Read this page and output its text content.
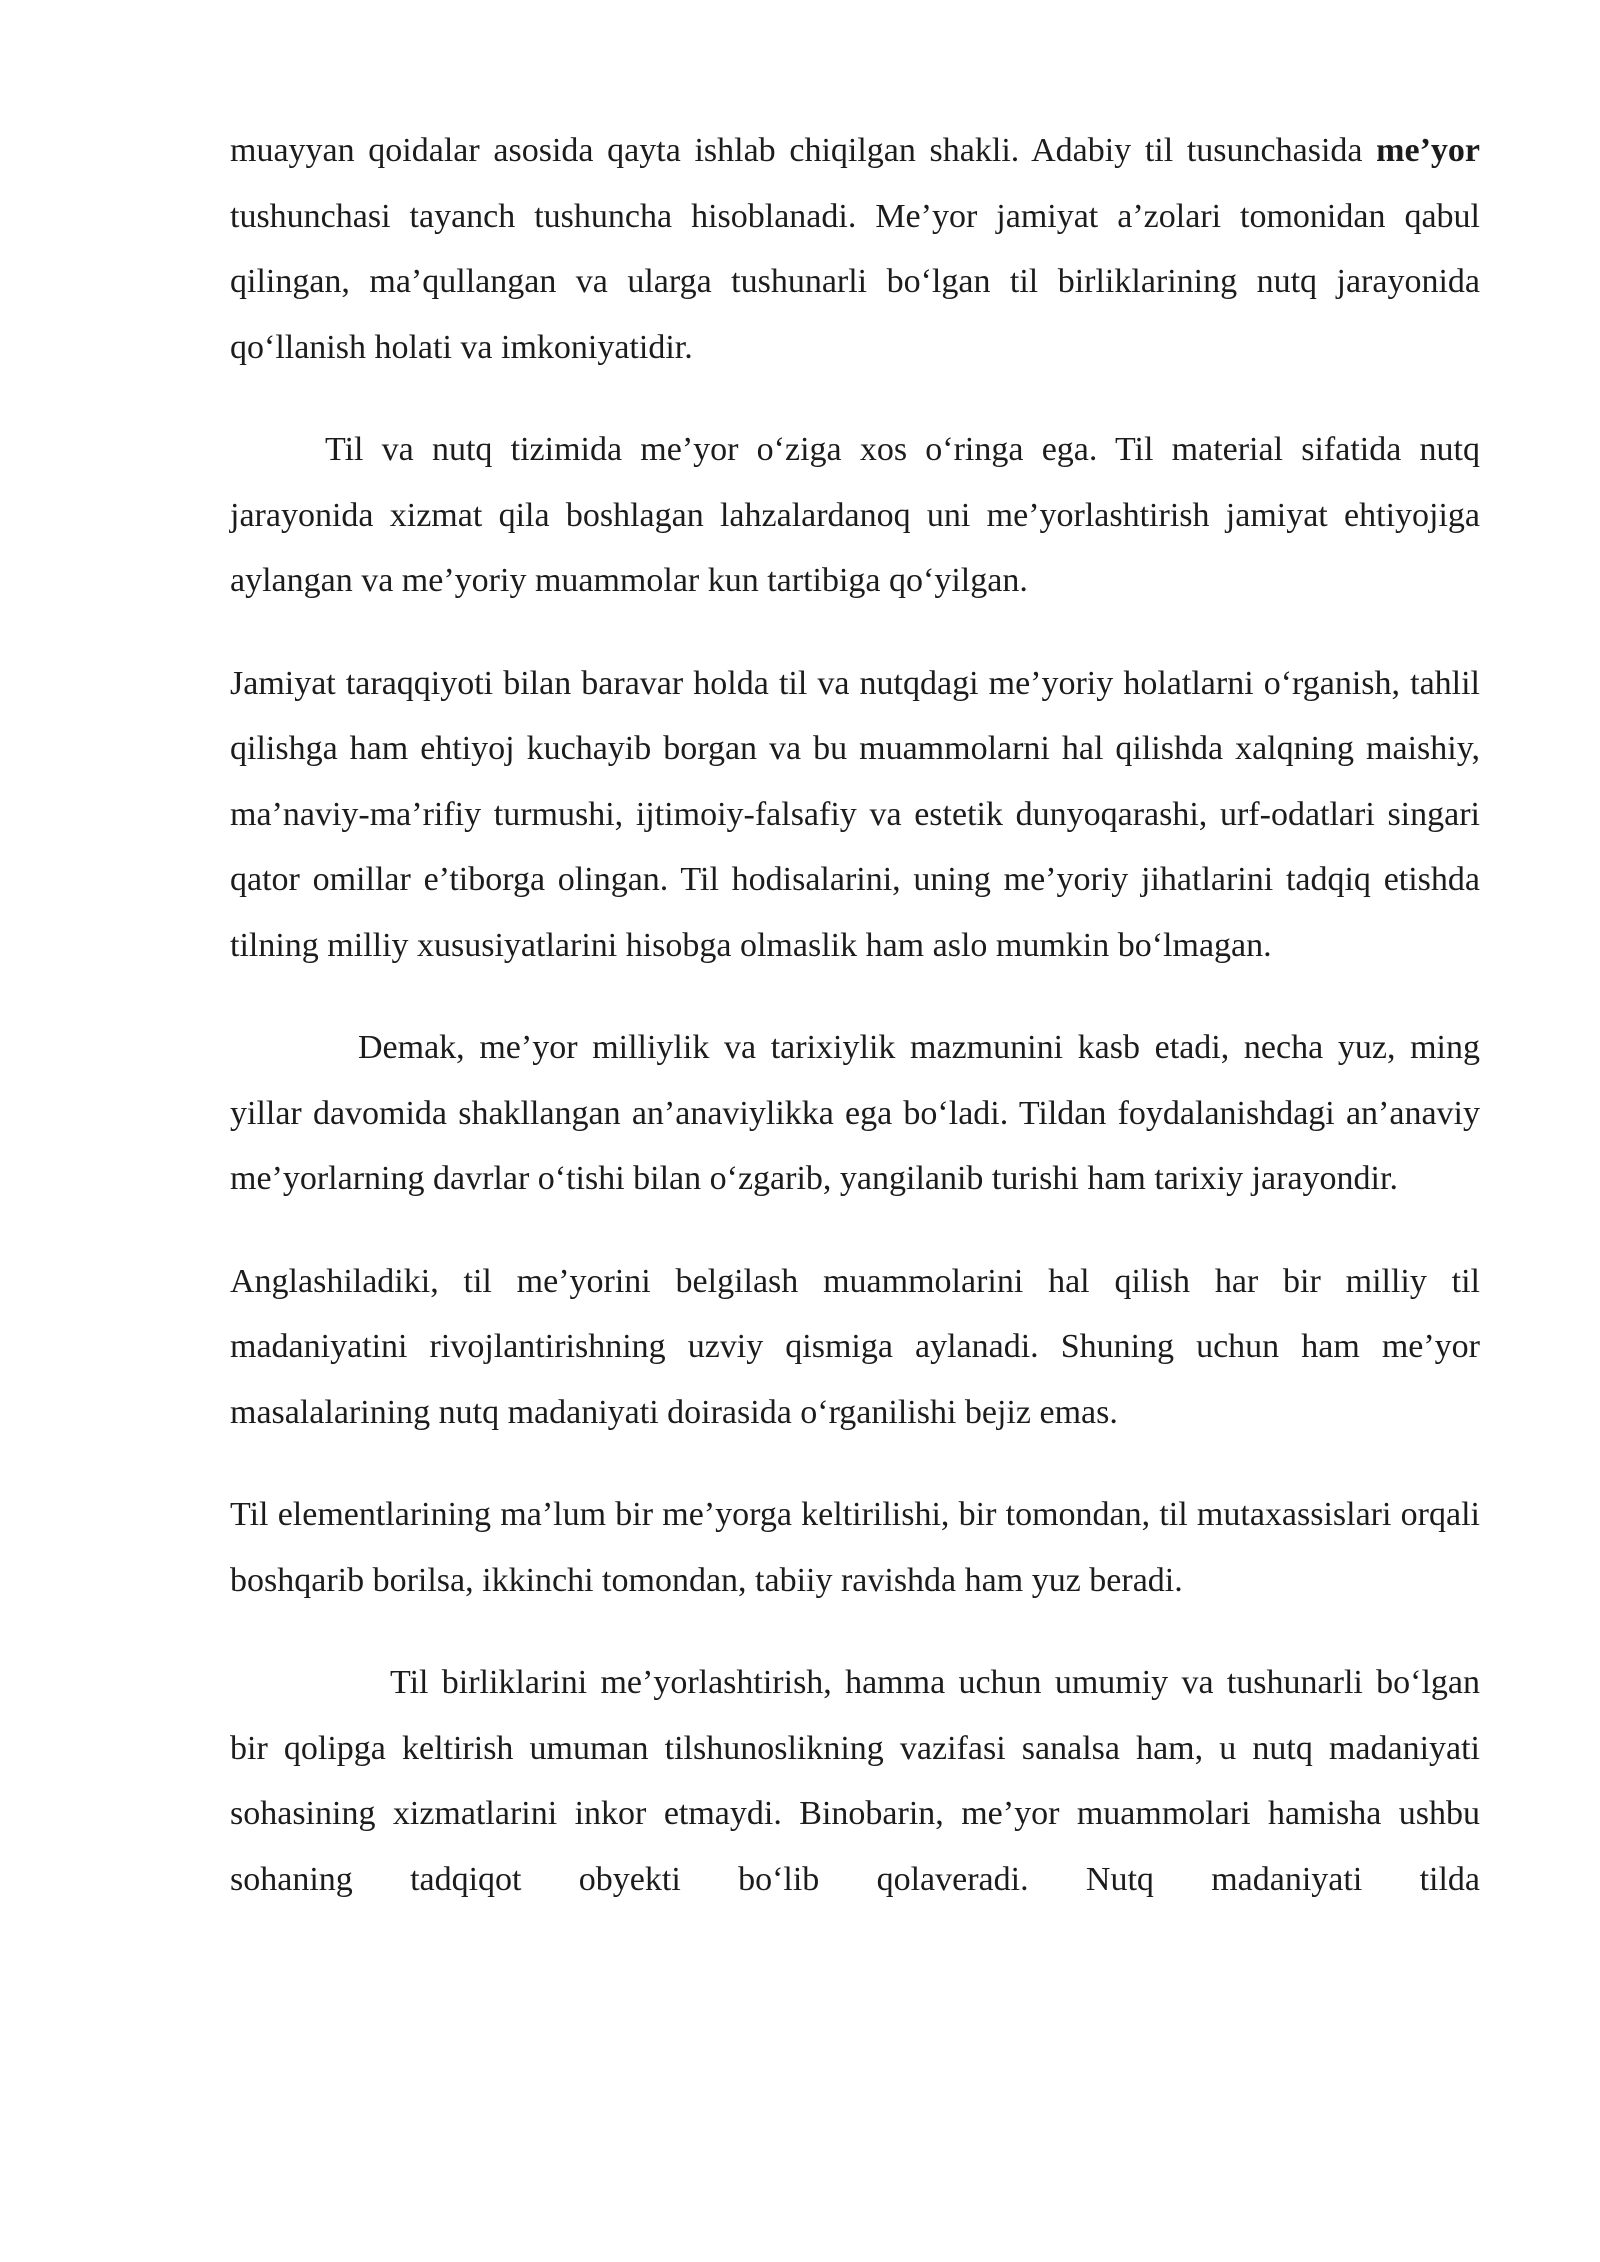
muayyan qoidalar asosida qayta ishlab chiqilgan shakli. Adabiy til tusunchasida me’yor tushunchasi tayanch tushuncha hisoblanadi. Me’yor jamiyat a’zolari tomonidan qabul qilingan, ma’qullangan va ularga tushunarli bo‘lgan til birliklarining nutq jarayonida qo‘llanish holati va imkoniyatidir.

Til va nutq tizimida me’yor o‘ziga xos o‘ringa ega. Til material sifatida nutq jarayonida xizmat qila boshlagan lahzalardanoq uni me’yorlashtirish jamiyat ehtiyojiga aylangan va me’yoriy muammolar kun tartibiga qo‘yilgan.

Jamiyat taraqqiyoti bilan baravar holda til va nutqdagi me’yoriy holatlarni o‘rganish, tahlil qilishga ham ehtiyoj kuchayib borgan va bu muammolarni hal qilishda xalqning maishiy, ma’naviy-ma’rifiy turmushi, ijtimoiy-falsafiy va estetik dunyoqarashi, urf-odatlari singari qator omillar e’tiborga olingan. Til hodisalarini, uning me’yoriy jihatlarini tadqiq etishda tilning milliy xususiyatlarini hisobga olmaslik ham aslo mumkin bo‘lmagan.

Demak, me’yor milliylik va tarixiylik mazmunini kasb etadi, necha yuz, ming yillar davomida shakllangan an’anaviylikka ega bo‘ladi. Tildan foydalanishdagi an’anaviy me’yorlarning davrlar o‘tishi bilan o‘zgarib, yangilanib turishi ham tarixiy jarayondir.

Anglashiladiki, til me’yorini belgilash muammolarini hal qilish har bir milliy til madaniyatini rivojlantirishning uzviy qismiga aylanadi. Shuning uchun ham me’yor masalalarining nutq madaniyati doirasida o‘rganilishi bejiz emas.

Til elementlarining ma’lum bir me’yorga keltirilishi, bir tomondan, til mutaxassislari orqali boshqarib borilsa, ikkinchi tomondan, tabiiy ravishda ham yuz beradi.

Til birliklarini me’yorlashtirish, hamma uchun umumiy va tushunarli bo‘lgan bir qolipga keltirish umuman tilshunoslikning vazifasi sanalsa ham, u nutq madaniyati sohasining xizmatlarini inkor etmaydi. Binobarin, me’yor muammolari hamisha ushbu sohaning tadqiqot obyekti bo‘lib qolaveradi. Nutq madaniyati tilda
